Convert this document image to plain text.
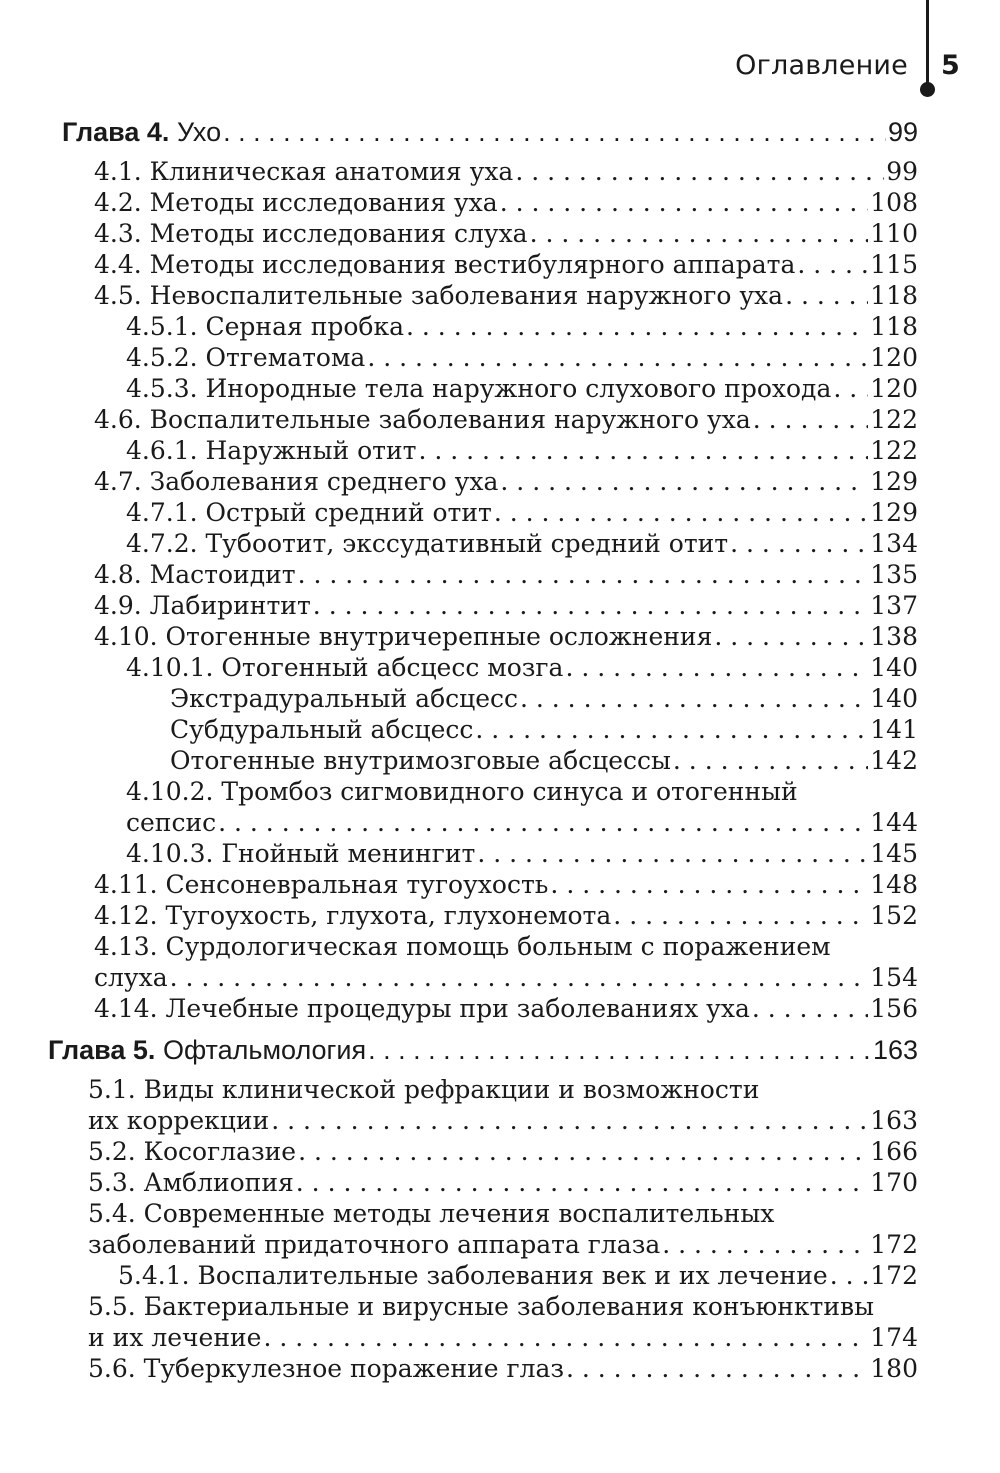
Оглавление 5
Глава 4. Ухо . . .	99
4.1. Клиническая анатомия уха . . .	99
4.2. Методы исследования уха . . .	108
4.3. Методы исследования слуха . . .	110
4.4. Методы исследования вестибулярного аппарата . . .	115
4.5. Невоспалительные заболевания наружного уха . . .	118
4.5.1. Серная пробка . . .	118
4.5.2. Отгематома . . .	120
4.5.3. Инородные тела наружного слухового прохода . . . 120
4.6. Воспалительные заболевания наружного уха . . .	122
4.6.1. Наружный отит . . .	122
4.7. Заболевания среднего уха . . .	129
4.7.1. Острый средний отит . . .	129
4.7.2. Тубоотит, экссудативный средний отит . . .	134
4.8. Мастоидит . . .	135
4.9. Лабиринтит . . .	137
4.10. Отогенные внутричерепные осложнения . . .	138
4.10.1. Отогенный абсцесс мозга . . .	140
Экстрадуральный абсцесс . . .	140
Субдуральный абсцесс . . .	141
Отогенные внутримозговые абсцессы . . .	142
4.10.2. Тромбоз сигмовидного синуса и отогенный
сепсис . . .	144
4.10.3. Гнойный менингит . . .	145
4.11. Сенсоневральная тугоухость . . .	148
4.12. Тугоухость, глухота, глухонемота . . .	152
4.13. Сурдологическая помощь больным с поражением
слуха . . .	154
4.14. Лечебные процедуры при заболеваниях уха . . .	156
Глава 5. Офтальмология . . .	163
5.1. Виды клинической рефракции и возможности
их коррекции . . .	163
5.2. Косоглазие . . .	166
5.3. Амблиопия . . .	170
5.4. Современные методы лечения воспалительных
заболеваний придаточного аппарата глаза . . .	172
5.4.1. Воспалительные заболевания век и их лечение . . . 172
5.5. Бактериальные и вирусные заболевания конъюнктивы
и их лечение . . .	174
5.6. Туберкулезное поражение глаз . . .	180
